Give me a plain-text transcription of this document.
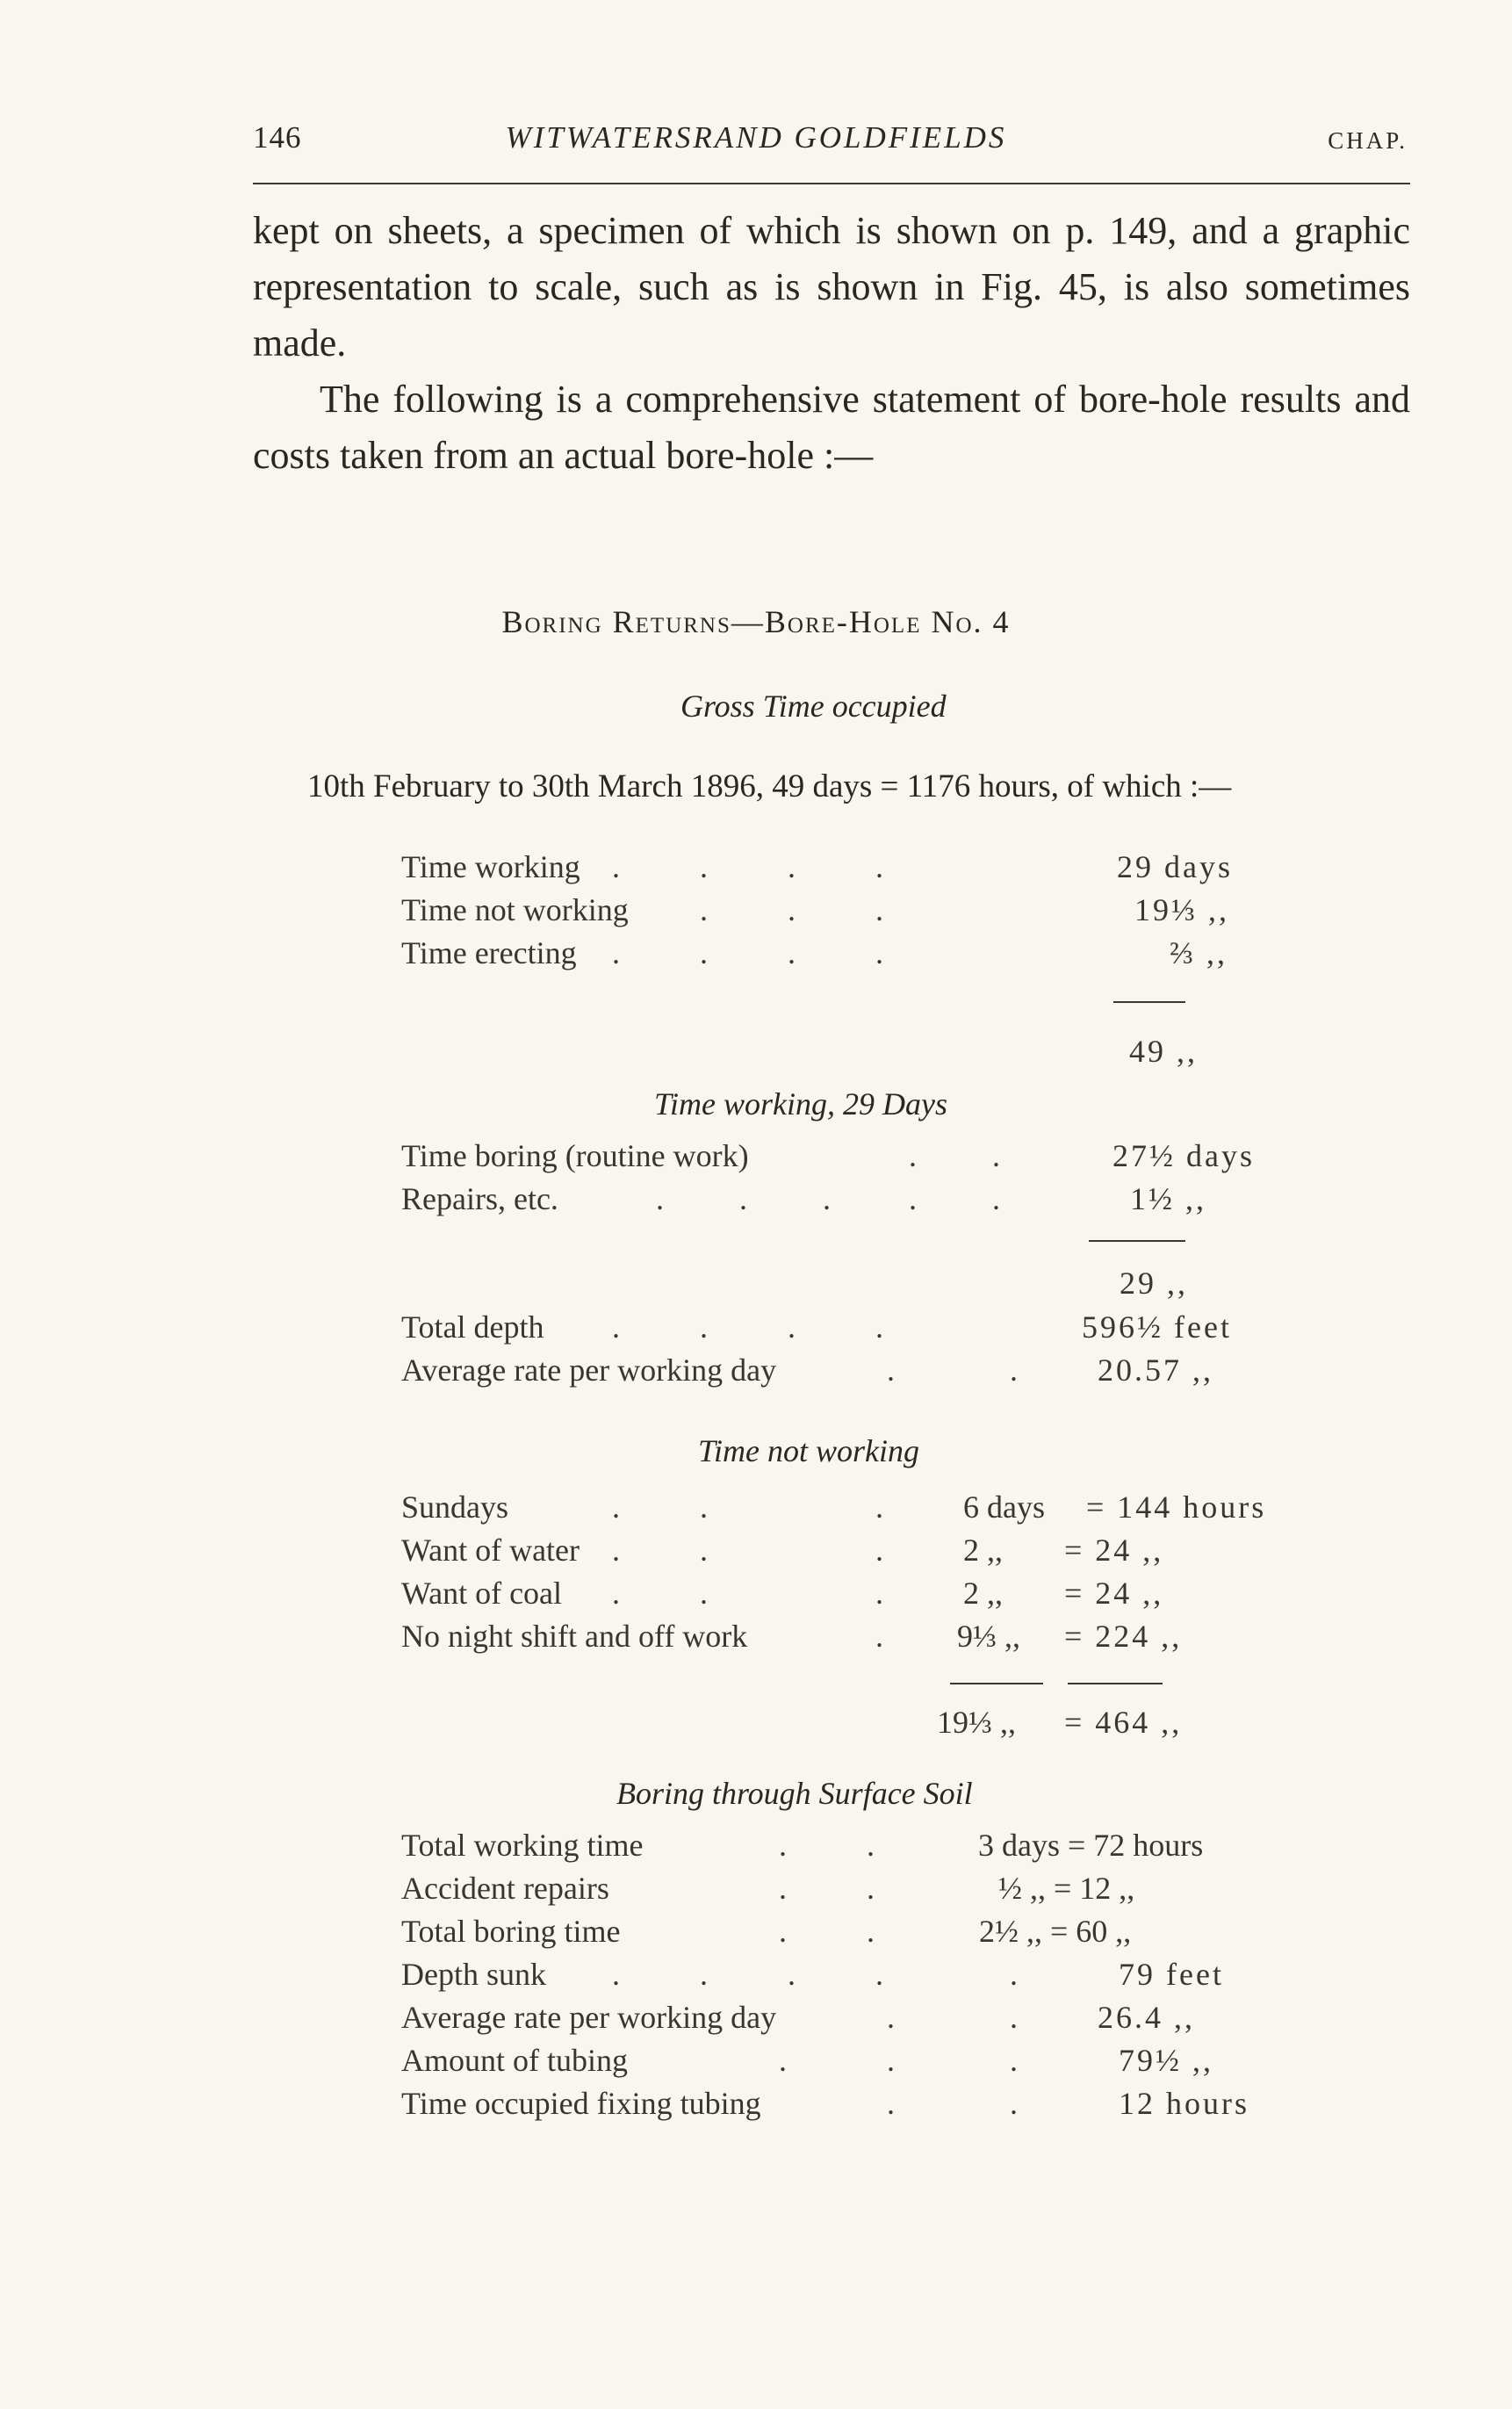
146	WITWATERSRAND GOLDFIELDS	CHAP.
kept on sheets, a specimen of which is shown on p. 149, and a graphic representation to scale, such as is shown in Fig. 45, is also sometimes made.
The following is a comprehensive statement of bore-hole results and costs taken from an actual bore-hole :—
Boring Returns—Bore-Hole No. 4
Gross Time occupied
10th February to 30th March 1896, 49 days = 1176 hours, of which :—
Time working .	.	.	.	29 days
Time not working .	.	.	19⅓ ,,
Time erecting .	.	.	.	⅔ ,,
49 ,,
Time working, 29 Days
Time boring (routine work)	. .	27½ days
Repairs, etc.	. . . . .	1½ ,,
29 ,,
Total depth .	.	.	.	596½ feet
Average rate per working day	.	.	20.57 ,,
Time not working
Sundays	.	.	.	6 days = 144 hours
Want of water .	.	.	2 ,, = 24 ,,
Want of coal .	.	.	2 ,, = 24 ,,
No night shift and off work	. 9⅓ ,, = 224 ,,
19⅓ ,, = 464 ,,
Boring through Surface Soil
Total working time	.	.	3 days = 72 hours
Accident repairs	.	.	½ ,, = 12 ,,
Total boring time	.	.	2½ ,, = 60 ,,
Depth sunk .	.	.	.	.	79 feet
Average rate per working day	.	.	26.4 ,,
Amount of tubing	.	.	.	79½ ,,
Time occupied fixing tubing	.	.	12 hours
